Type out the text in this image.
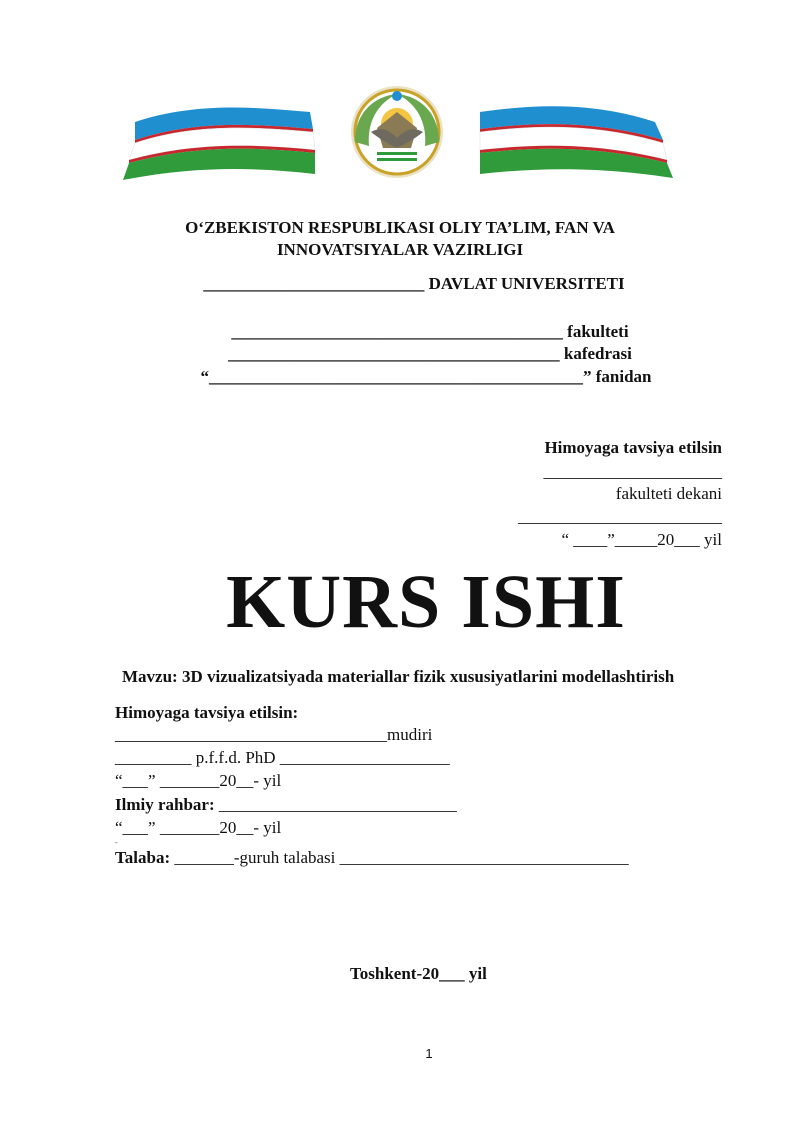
O‘ZBEKISTON RESPUBLIKASI OLIY TA’LIM, FAN VA
INNOVATSIYALAR VAZIRLIGI
__________________________ DAVLAT UNIVERSITETI
_______________________________________ fakulteti
_______________________________________ kafedrasi
“____________________________________________” fanidan
Himoyaga tavsiya etilsin
_____________________
fakulteti dekani
________________________
“ ____”_____20___ yil
KURS ISHI
Mavzu: 3D vizualizatsiyada materiallar fizik xususiyatlarini modellashtirish
Himoyaga tavsiya etilsin:
________________________________mudiri
_________ p.f.f.d. PhD ____________________
“___” _______20__- yil
Ilmiy rahbar: ____________________________
“___” _______20__- yil
-
Talaba: _______-guruh talabasi __________________________________
Toshkent-20___ yil
1
